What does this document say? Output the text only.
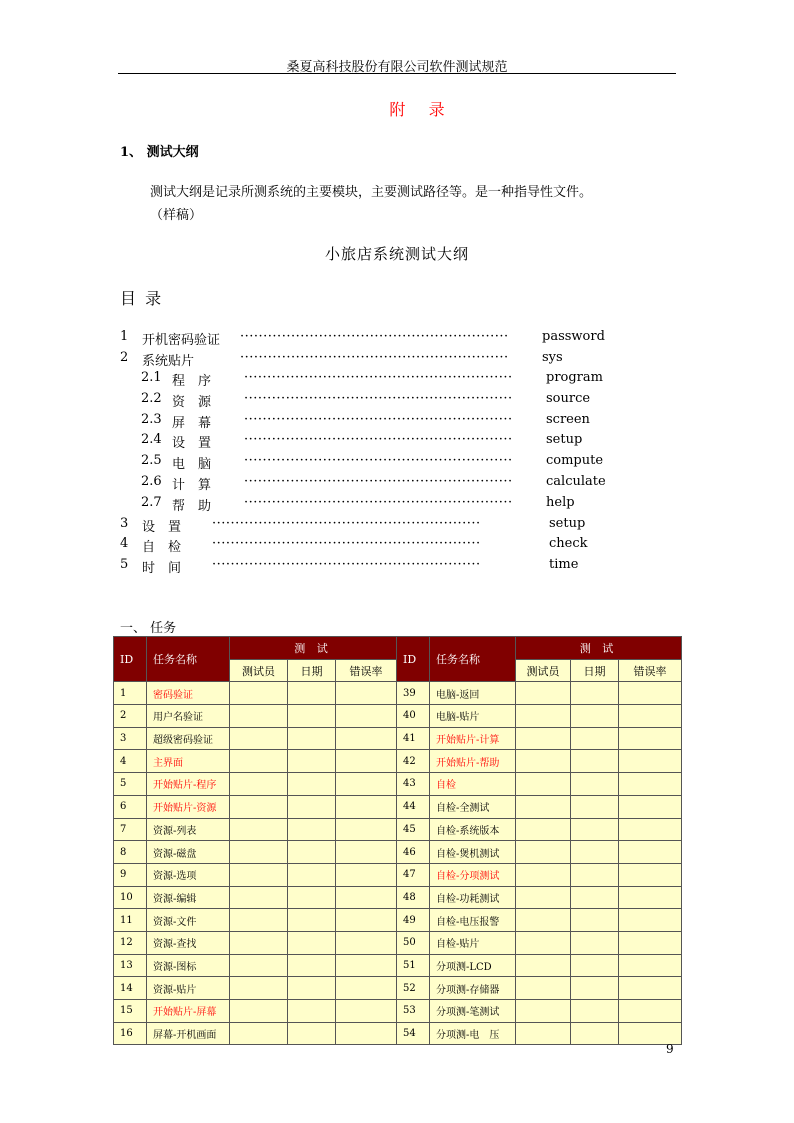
桑夏高科技股份有限公司软件测试规范
附   录
1、 测试大纲
测试大纲是记录所测系统的主要模块，主要测试路径等。是一种指导性文件。
（样稿）
小旅店系统测试大纲
目 录
1 开机密码验证 ··························································	password
2 系统贴片	··························································	sys
2.1 程　序	··························································	program
2.2 资　源	··························································	source
2.3 屏　幕	··························································	screen
2.4 设　置	··························································	setup
2.5 电　脑	··························································	compute
2.6 计　算	··························································	calculate
2.7 帮　助	··························································	help
3 设　置 ··························································	setup
4 自　检 ··························································	check
5 时　间 ··························································	time
一、 任务
ID	任务名称	测 试			ID	任务名称	测 试		
		测试员	日期	错误率			测试员	日期	错误率
1	密码验证				39	电脑-返回			
2	用户名验证				40	电脑-贴片			
3	超级密码验证				41	开始贴片-计算			
4	主界面				42	开始贴片-帮助			
5	开始贴片-程序				43	自检			
6	开始贴片-资源				44	自检-全测试			
7	资源-列表				45	自检-系统版本			
8	资源-磁盘				46	自检-煲机测试			
9	资源-选项				47	自检-分项测试			
10	资源-编辑				48	自检-功耗测试			
11	资源-文件				49	自检-电压报警			
12	资源-查找				50	自检-贴片			
13	资源-图标				51	分项测-LCD			
14	资源-贴片				52	分项测-存储器			
15	开始贴片-屏幕				53	分项测-笔测试			
16	屏幕-开机画面				54	分项测-电　压			
9
